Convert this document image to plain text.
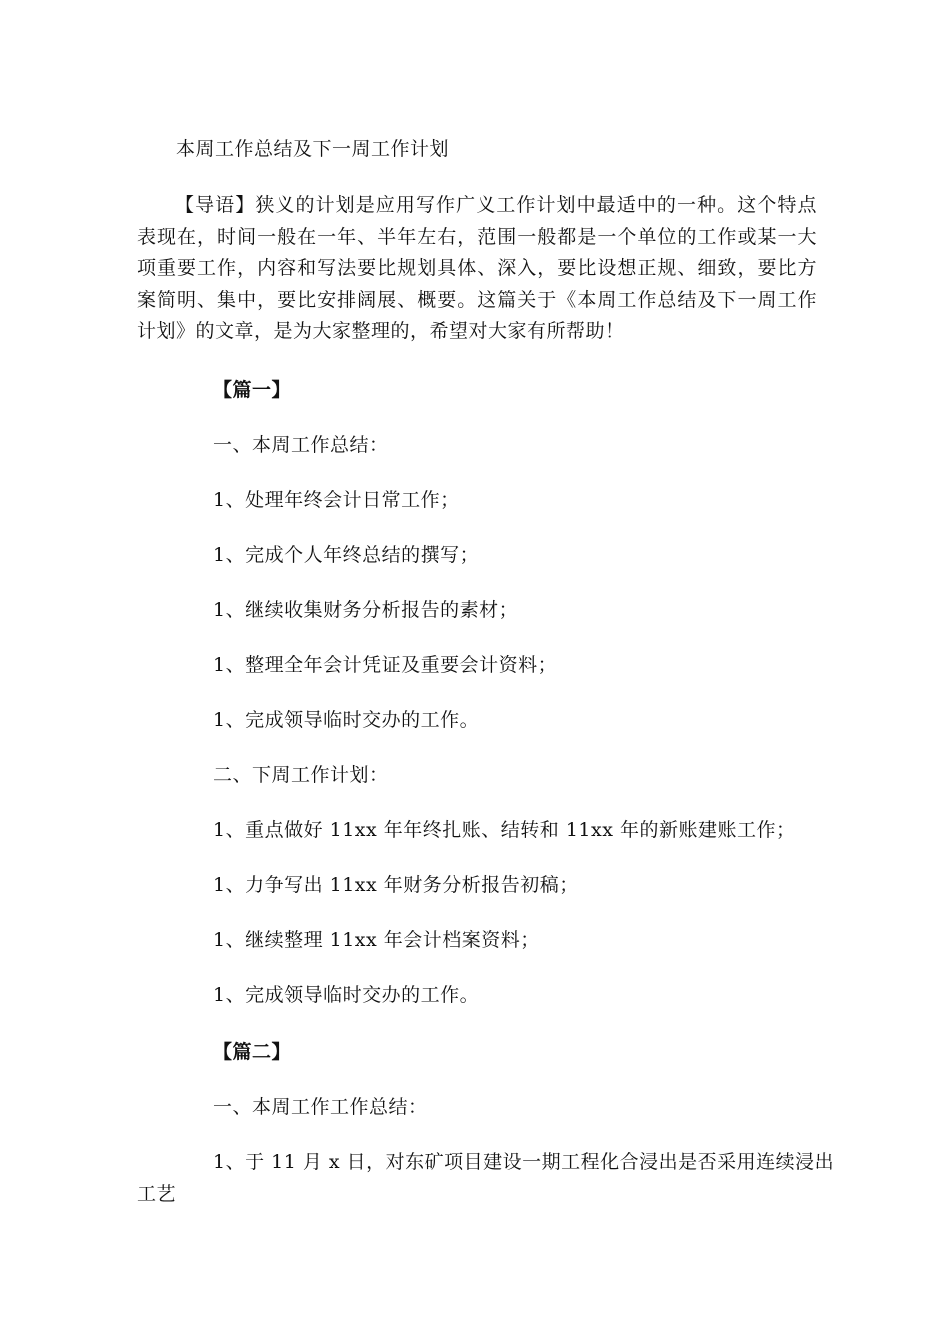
本周工作总结及下一周工作计划
【导语】狭义的计划是应用写作广义工作计划中最适中的一种。这个特点表现在，时间一般在一年、半年左右，范围一般都是一个单位的工作或某一大项重要工作，内容和写法要比规划具体、深入，要比设想正规、细致，要比方案简明、集中，要比安排阔展、概要。这篇关于《本周工作总结及下一周工作计划》的文章，是为大家整理的，希望对大家有所帮助！
【篇一】
一、本周工作总结：
1、处理年终会计日常工作；
1、完成个人年终总结的撰写；
1、继续收集财务分析报告的素材；
1、整理全年会计凭证及重要会计资料；
1、完成领导临时交办的工作。
二、下周工作计划：
1、重点做好 11xx 年年终扎账、结转和 11xx 年的新账建账工作；
1、力争写出 11xx 年财务分析报告初稿；
1、继续整理 11xx 年会计档案资料；
1、完成领导临时交办的工作。
【篇二】
一、本周工作工作总结：
1、于 11 月 x 日，对东矿项目建设一期工程化合浸出是否采用连续浸出
工艺
